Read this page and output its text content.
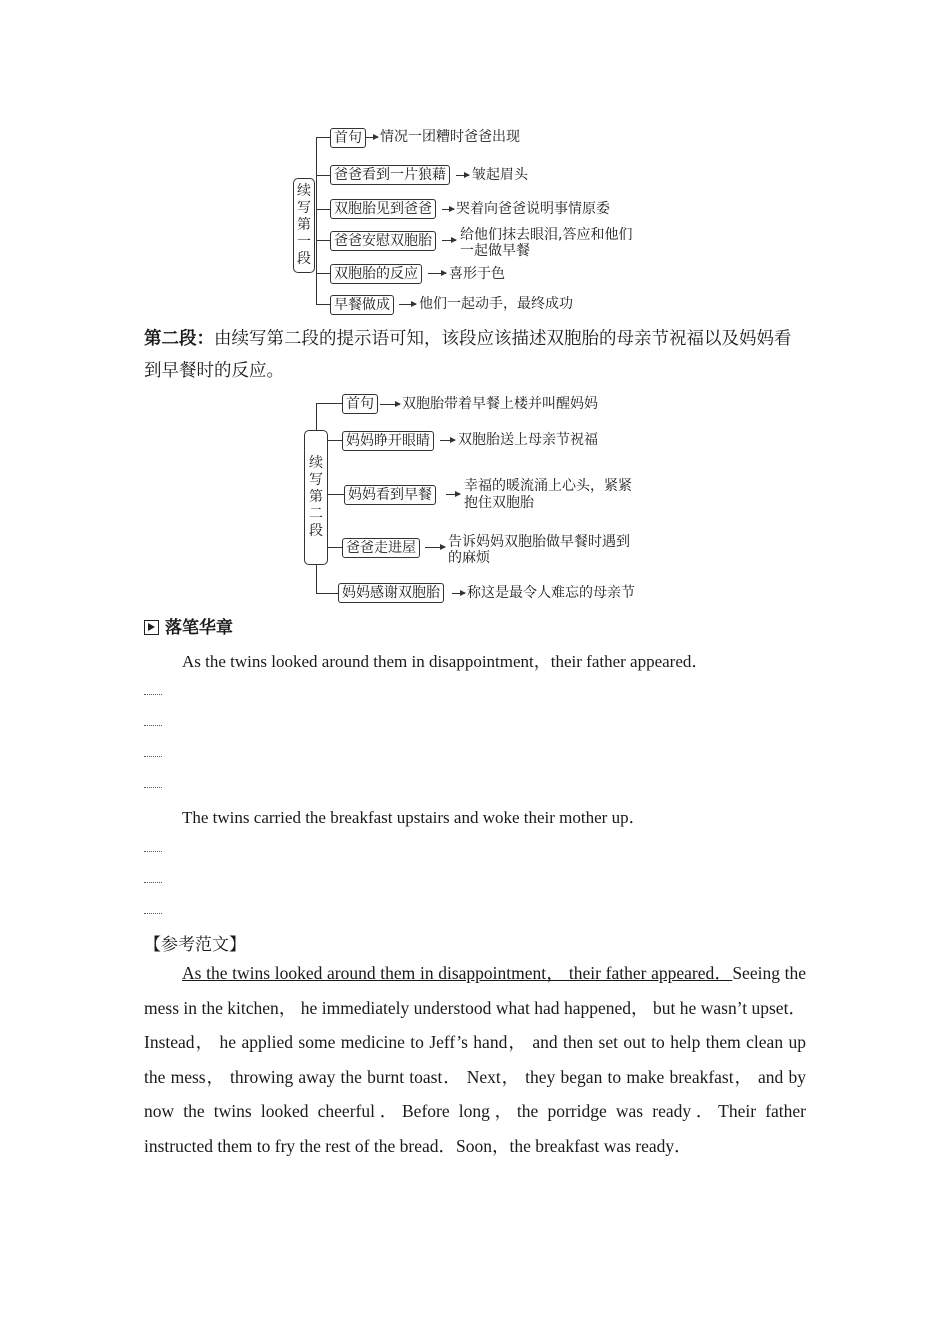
续写第一段
首句 情况一团糟时爸爸出现
爸爸看到一片狼藉 皱起眉头
双胞胎见到爸爸 哭着向爸爸说明事情原委
爸爸安慰双胞胎 给他们抹去眼泪,答应和他们
一起做早餐
双胞胎的反应 喜形于色
早餐做成 他们一起动手，最终成功
第二段：由续写第二段的提示语可知，该段应该描述双胞胎的母亲节祝福以及妈妈看到早餐时的反应。
续写第二段
首句 双胞胎带着早餐上楼并叫醒妈妈
妈妈睁开眼睛 双胞胎送上母亲节祝福
妈妈看到早餐
幸福的暖流涌上心头，紧紧
抱住双胞胎
爸爸走进屋 告诉妈妈双胞胎做早餐时遇到
的麻烦
妈妈感谢双胞胎 称这是最令人难忘的母亲节
落笔华章
As the twins looked around them in disappointment，their father appeared．
The twins carried the breakfast upstairs and woke their mother up．
【参考范文】
As the twins looked around them in disappointment， their father appeared．Seeing the mess in the kitchen， he immediately understood what had happened， but he wasn’t upset． Instead， he applied some medicine to Jeff’s hand， and then set out to help them clean up the mess， throwing away the burnt toast． Next， they began to make breakfast， and by now the twins looked cheerful．Before long，the porridge was ready．Their father instructed them to fry the rest of the bread．Soon，the breakfast was ready．
